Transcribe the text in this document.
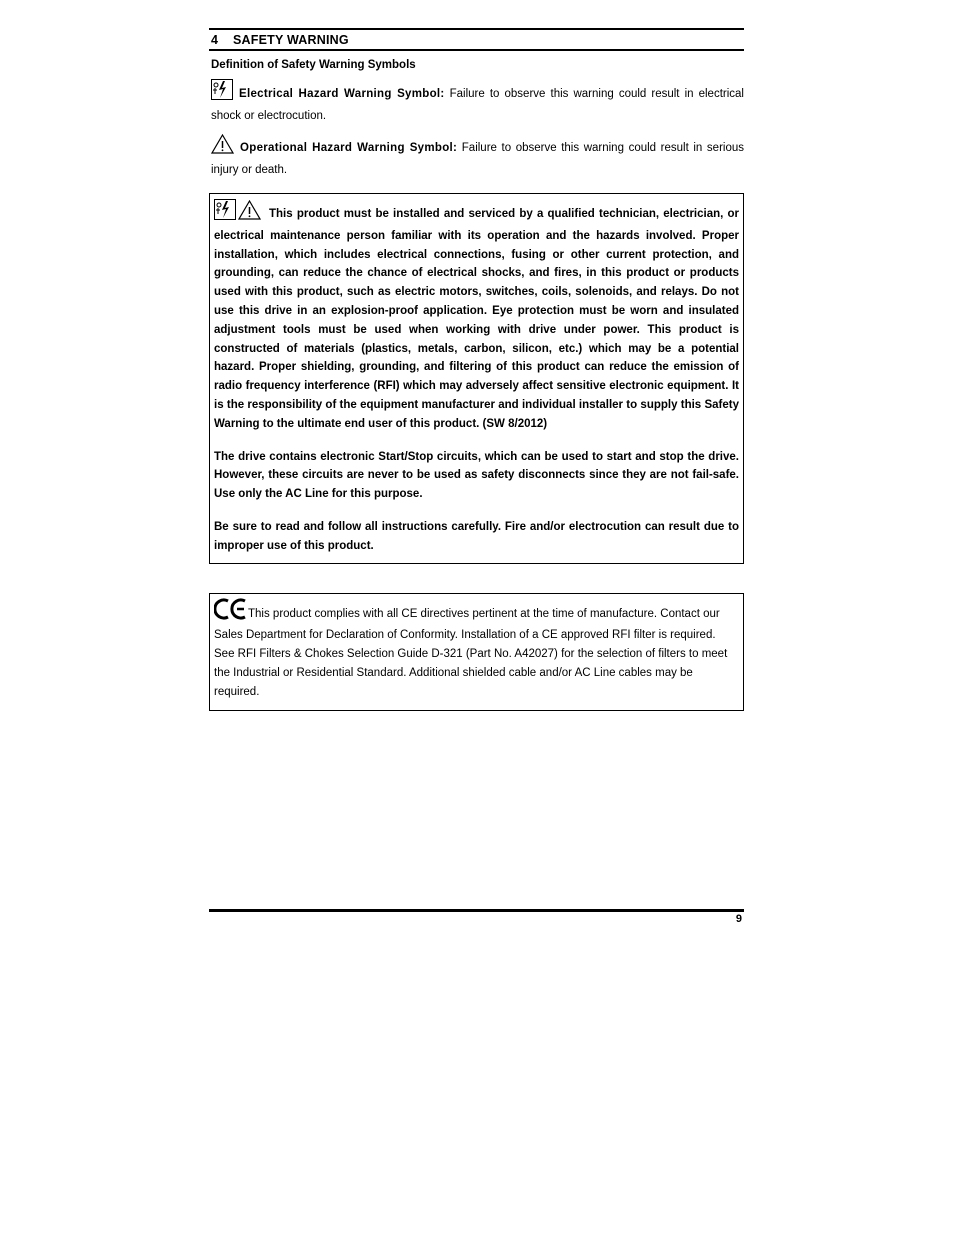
4	SAFETY WARNING
Definition of Safety Warning Symbols
Electrical Hazard Warning Symbol: Failure to observe this warning could result in electrical shock or electrocution.
Operational Hazard Warning Symbol: Failure to observe this warning could result in serious injury or death.

This product must be installed and serviced by a qualified technician, electrician, or electrical maintenance person familiar with its operation and the hazards involved. Proper installation, which includes electrical connections, fusing or other current protection, and grounding, can reduce the chance of electrical shocks, and fires, in this product or products used with this product, such as electric motors, switches, coils, solenoids, and relays. Do not use this drive in an explosion-proof application. Eye protection must be worn and insulated adjustment tools must be used when working with drive under power. This product is constructed of materials (plastics, metals, carbon, silicon, etc.) which may be a potential hazard. Proper shielding, grounding, and filtering of this product can reduce the emission of radio frequency interference (RFI) which may adversely affect sensitive electronic equipment. It is the responsibility of the equipment manufacturer and individual installer to supply this Safety Warning to the ultimate end user of this product. (SW 8/2012)

The drive contains electronic Start/Stop circuits, which can be used to start and stop the drive. However, these circuits are never to be used as safety disconnects since they are not fail-safe. Use only the AC Line for this purpose.

Be sure to read and follow all instructions carefully. Fire and/or electrocution can result due to improper use of this product.

This product complies with all CE directives pertinent at the time of manufacture. Contact our Sales Department for Declaration of Conformity. Installation of a CE approved RFI filter is required. See RFI Filters & Chokes Selection Guide D-321 (Part No. A42027) for the selection of filters to meet the Industrial or Residential Standard. Additional shielded cable and/or AC Line cables may be required.

9
